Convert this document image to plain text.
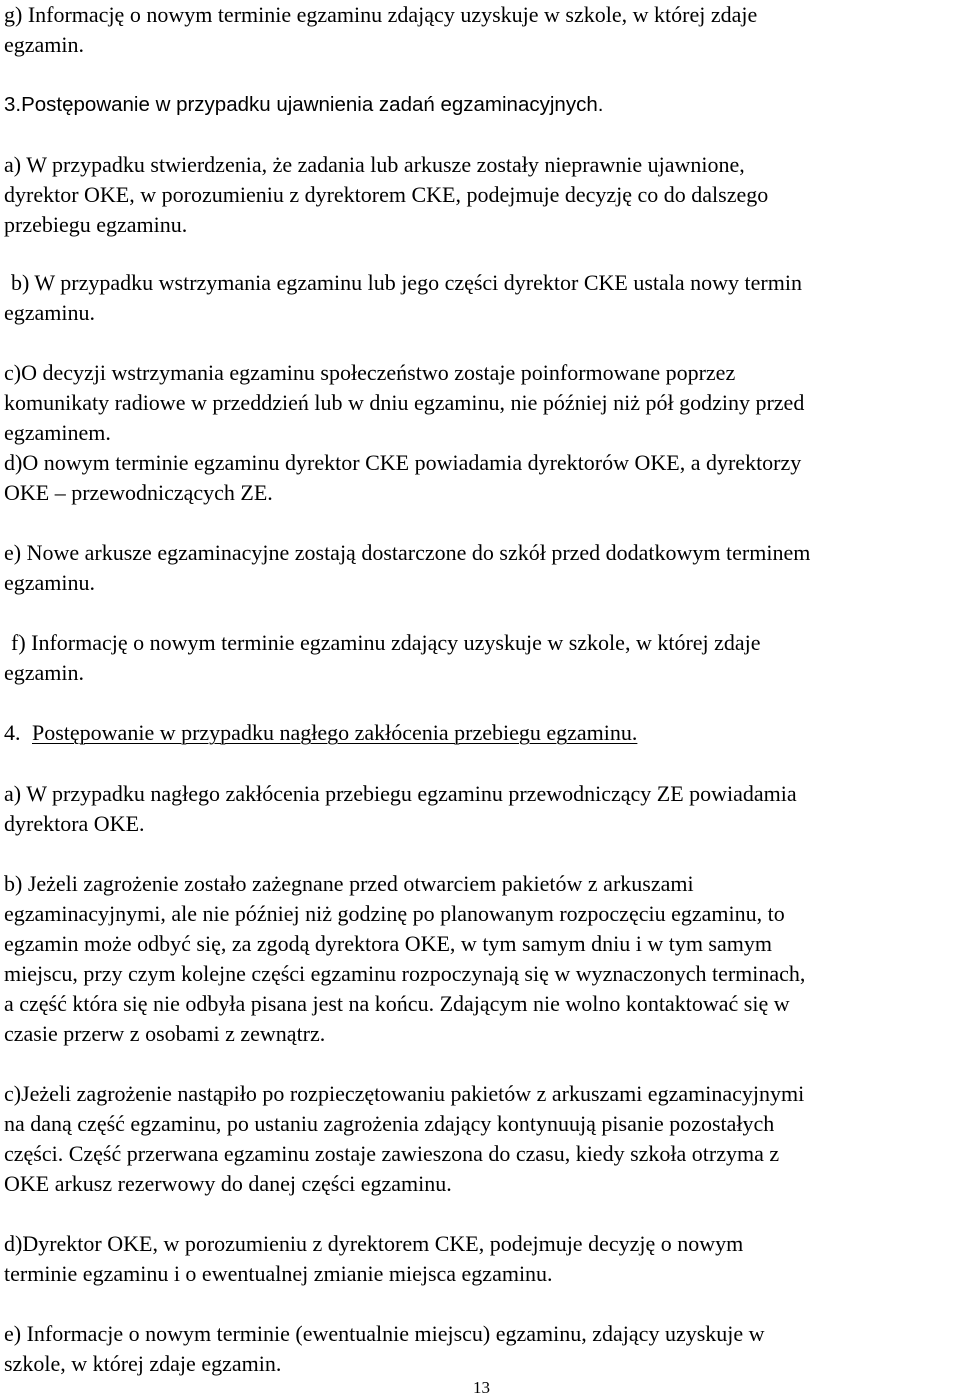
g) Informację o nowym terminie egzaminu zdający uzyskuje w szkole, w której zdaje
egzamin.

3.Postępowanie w przypadku ujawnienia zadań egzaminacyjnych.

a) W przypadku stwierdzenia, że zadania lub arkusze zostały nieprawnie ujawnione,
dyrektor OKE, w porozumieniu z dyrektorem CKE, podejmuje decyzję co do dalszego
przebiegu egzaminu.

b) W przypadku wstrzymania egzaminu lub jego części dyrektor CKE ustala nowy termin
egzaminu.

c)O decyzji wstrzymania egzaminu społeczeństwo zostaje poinformowane poprzez
komunikaty radiowe w przeddzień lub w dniu egzaminu, nie później niż pół godziny przed
egzaminem.

d)O nowym terminie egzaminu dyrektor CKE powiadamia dyrektorów OKE, a dyrektorzy
OKE – przewodniczących ZE.

e) Nowe arkusze egzaminacyjne zostają dostarczone do szkół przed dodatkowym terminem
egzaminu.

f) Informację o nowym terminie egzaminu zdający uzyskuje w szkole, w której zdaje
egzamin.

4. Postępowanie w przypadku nagłego zakłócenia przebiegu egzaminu.

a) W przypadku nagłego zakłócenia przebiegu egzaminu przewodniczący ZE powiadamia
dyrektora OKE.

b) Jeżeli zagrożenie zostało zażegnane przed otwarciem pakietów z arkuszami
egzaminacyjnymi, ale nie później niż godzinę po planowanym rozpoczęciu egzaminu, to
egzamin może odbyć się, za zgodą dyrektora OKE, w tym samym dniu i w tym samym
miejscu, przy czym kolejne części egzaminu rozpoczynają się w wyznaczonych terminach,
a część która się nie odbyła pisana jest na końcu. Zdającym nie wolno kontaktować się w
czasie przerw z osobami z zewnątrz.

c)Jeżeli zagrożenie nastąpiło po rozpieczętowaniu pakietów z arkuszami egzaminacyjnymi
na daną część egzaminu, po ustaniu zagrożenia zdający kontynuują pisanie pozostałych
części. Część przerwana egzaminu zostaje zawieszona do czasu, kiedy szkoła otrzyma z
OKE arkusz rezerwowy do danej części egzaminu.

d)Dyrektor OKE, w porozumieniu z dyrektorem CKE, podejmuje decyzję o nowym
terminie egzaminu i o ewentualnej zmianie miejsca egzaminu.

e) Informacje o nowym terminie (ewentualnie miejscu) egzaminu, zdający uzyskuje w
szkole, w której zdaje egzamin.

13
